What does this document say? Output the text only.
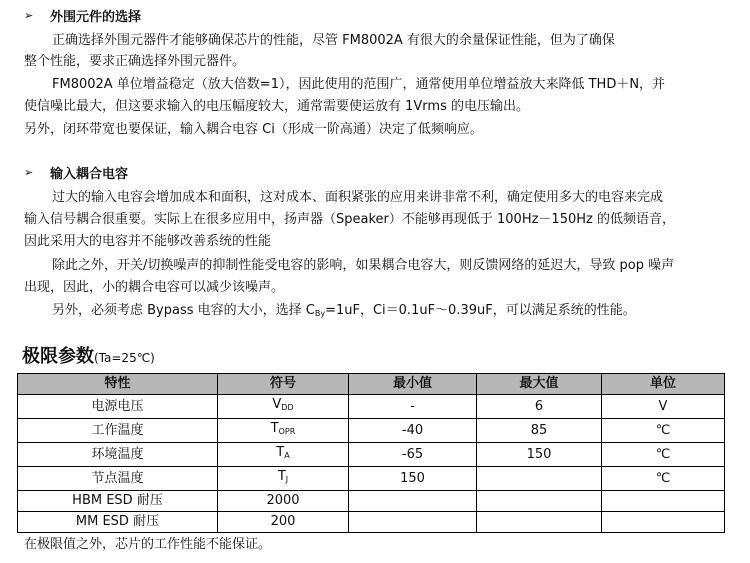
➢	外围元件的选择
正确选择外围元器件才能够确保芯片的性能，尽管 FM8002A 有很大的余量保证性能，但为了确保
整个性能，要求正确选择外围元器件。
FM8002A 单位增益稳定（放大倍数=1），因此使用的范围广，通常使用单位增益放大来降低 THD＋N，并
使信噪比最大，但这要求输入的电压幅度较大，通常需要使运放有 1Vrms 的电压输出。
另外，闭环带宽也要保证，输入耦合电容 Ci（形成一阶高通）决定了低频响应。
➢	输入耦合电容
过大的输入电容会增加成本和面积，这对成本、面积紧张的应用来讲非常不利，确定使用多大的电容来完成
输入信号耦合很重要。实际上在很多应用中，扬声器（Speaker）不能够再现低于 100Hz－150Hz 的低频语音，
因此采用大的电容并不能够改善系统的性能
除此之外，开关/切换噪声的抑制性能受电容的影响，如果耦合电容大，则反馈网络的延迟大，导致 pop 噪声
出现，因此，小的耦合电容可以减少该噪声。
另外，必须考虑 Bypass 电容的大小，选择 $C_{By}=1uF$，Ci＝0.1uF～0.39uF，可以满足系统的性能。
极限参数(Ta=25℃)
特性	符号	最小值	最大值	单位
电源电压	$V_{DD}$	-	6	V
工作温度	$T_{OPR}$	-40	85	℃
环境温度	$T_A$	-65	150	℃
节点温度	$T_J$	150		℃
HBM ESD 耐压	2000			
MM ESD 耐压	200			
在极限值之外，芯片的工作性能不能保证。
